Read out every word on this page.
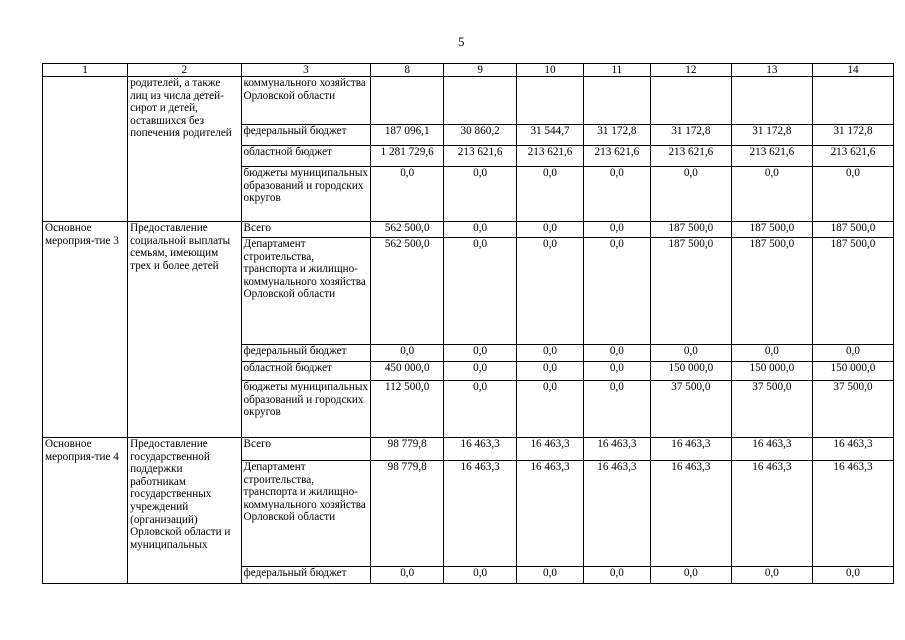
5
1	2	3	8	9	10	11	12	13	14
	родителей, а также лиц из числа детей-сирот и детей, оставшихся без попечения родителей	коммунального хозяйства Орловской области							
		федеральный бюджет	187 096,1	30 860,2	31 544,7	31 172,8	31 172,8	31 172,8	31 172,8
		областной бюджет	1 281 729,6	213 621,6	213 621,6	213 621,6	213 621,6	213 621,6	213 621,6
		бюджеты муниципальных образований и городских округов	0,0	0,0	0,0	0,0	0,0	0,0	0,0
Основное мероприя-тие 3	Предоставление социальной выплаты семьям, имеющим трех и более детей	Всего	562 500,0	0,0	0,0	0,0	187 500,0	187 500,0	187 500,0
		Департамент строительства, транспорта и жилищно-коммунального хозяйства Орловской области	562 500,0	0,0	0,0	0,0	187 500,0	187 500,0	187 500,0
		федеральный бюджет	0,0	0,0	0,0	0,0	0,0	0,0	0,0
		областной бюджет	450 000,0	0,0	0,0	0,0	150 000,0	150 000,0	150 000,0
		бюджеты муниципальных образований и городских округов	112 500,0	0,0	0,0	0,0	37 500,0	37 500,0	37 500,0
Основное мероприя-тие 4	Предоставление государственной поддержки работникам государственных учреждений (организаций) Орловской области и муниципальных	Всего	98 779,8	16 463,3	16 463,3	16 463,3	16 463,3	16 463,3	16 463,3
		Департамент строительства, транспорта и жилищно-коммунального хозяйства Орловской области	98 779,8	16 463,3	16 463,3	16 463,3	16 463,3	16 463,3	16 463,3
		федеральный бюджет	0,0	0,0	0,0	0,0	0,0	0,0	0,0
